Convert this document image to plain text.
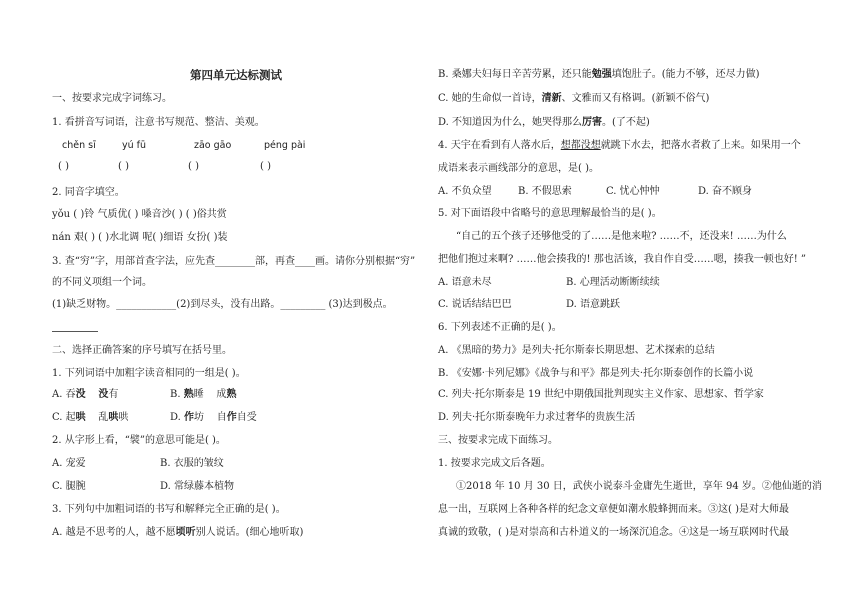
第四单元达标测试
一、按要求完成字词练习。
1. 看拼音写词语，注意书写规范、整洁、美观。
chěn sī	yú fū	zāo gāo	péng pài
( )	( )	( )	( )
2. 同音字填空。
yǒu ( )铃 气质优( ) 嗓音沙( ) ( )俗共赏
nán 艰( ) ( )水北调 呢( )细语 女扮( )装
3. 查“穷”字，用部首查字法，应先查________部，再查____画。请你分别根据“穷”
的不同义项组一个词。
(1)缺乏财物。____________(2)到尽头，没有出路。_________ (3)达到极点。
二、选择正确答案的序号填写在括号里。
1. 下列词语中加粗字读音相同的一组是( )。
A. 吞没 没有	B. 熟睡    成熟
C. 起哄    乱哄哄	D. 作坊    自作自受
2. 从字形上看，“襞”的意思可能是( )。
A. 宠爱	B. 衣服的皱纹
C. 腿腕	D. 常绿藤本植物
3. 下列句中加粗词语的书写和解释完全正确的是( )。
A. 越是不思考的人，越不愿顷听别人说话。(细心地听取)
B. 桑娜夫妇每日辛苦劳累，还只能勉强填饱肚子。(能力不够，还尽力做)
C. 她的生命似一首诗，清新、文雅而又有格调。(新颖不俗气)
D. 不知道因为什么，她哭得那么厉害。(了不起)
4. 天宇在看到有人落水后，想都没想就跳下水去，把落水者救了上来。如果用一个
成语来表示画线部分的意思，是( )。
A. 不负众望	B. 不假思索	C. 忧心忡忡	D. 奋不顾身
5. 对下面语段中省略号的意思理解最恰当的是( )。
“自己的五个孩子还够他受的了……是他来啦? ……不，还没来! ……为什么
把他们抱过来啊? ……他会揍我的! 那也活该，我自作自受……嗯，揍我一顿也好! ”
A. 语意未尽	B. 心理活动断断续续
C. 说话结结巴巴	D. 语意跳跃
6. 下列表述不正确的是( )。
A. 《黑暗的势力》是列夫·托尔斯泰长期思想、艺术探索的总结
B. 《安娜·卡列尼娜》《战争与和平》都是列夫·托尔斯泰创作的长篇小说
C. 列夫·托尔斯泰是 19 世纪中期俄国批判现实主义作家、思想家、哲学家
D. 列夫·托尔斯泰晚年力求过奢华的贵族生活
三、按要求完成下面练习。
1. 按要求完成文后各题。
①2018 年 10 月 30 日，武侠小说泰斗金庸先生逝世，享年 94 岁。②他仙逝的消
息一出，互联网上各种各样的纪念文章便如潮水般蜂拥而来。③这( )是对大师最
真诚的致敬，( )是对崇高和古朴道义的一场深沉追念。④这是一场互联网时代最
